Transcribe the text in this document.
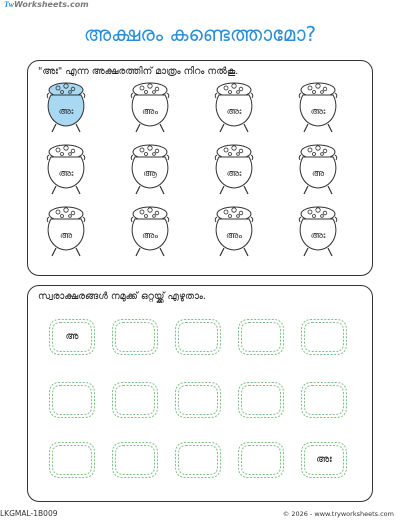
TwWorksheets.com
അക്ഷരം കണ്ടെത്താമോ?
"അഃ" എന്ന അക്ഷരത്തിന് മാത്രം നിറം നൽകൂ.
അഃ	അം	അഃ	അഃ
അഃ	ആ	അഃ	അ
അ	അം	അം	അഃ
സ്വരാക്ഷരങ്ങൾ നമുക്ക് ഒറ്റയ്ക്ക് എഴുതാം.
അ
അഃ
LKGMAL-1B009	© 2026 - www.tryworksheets.com
